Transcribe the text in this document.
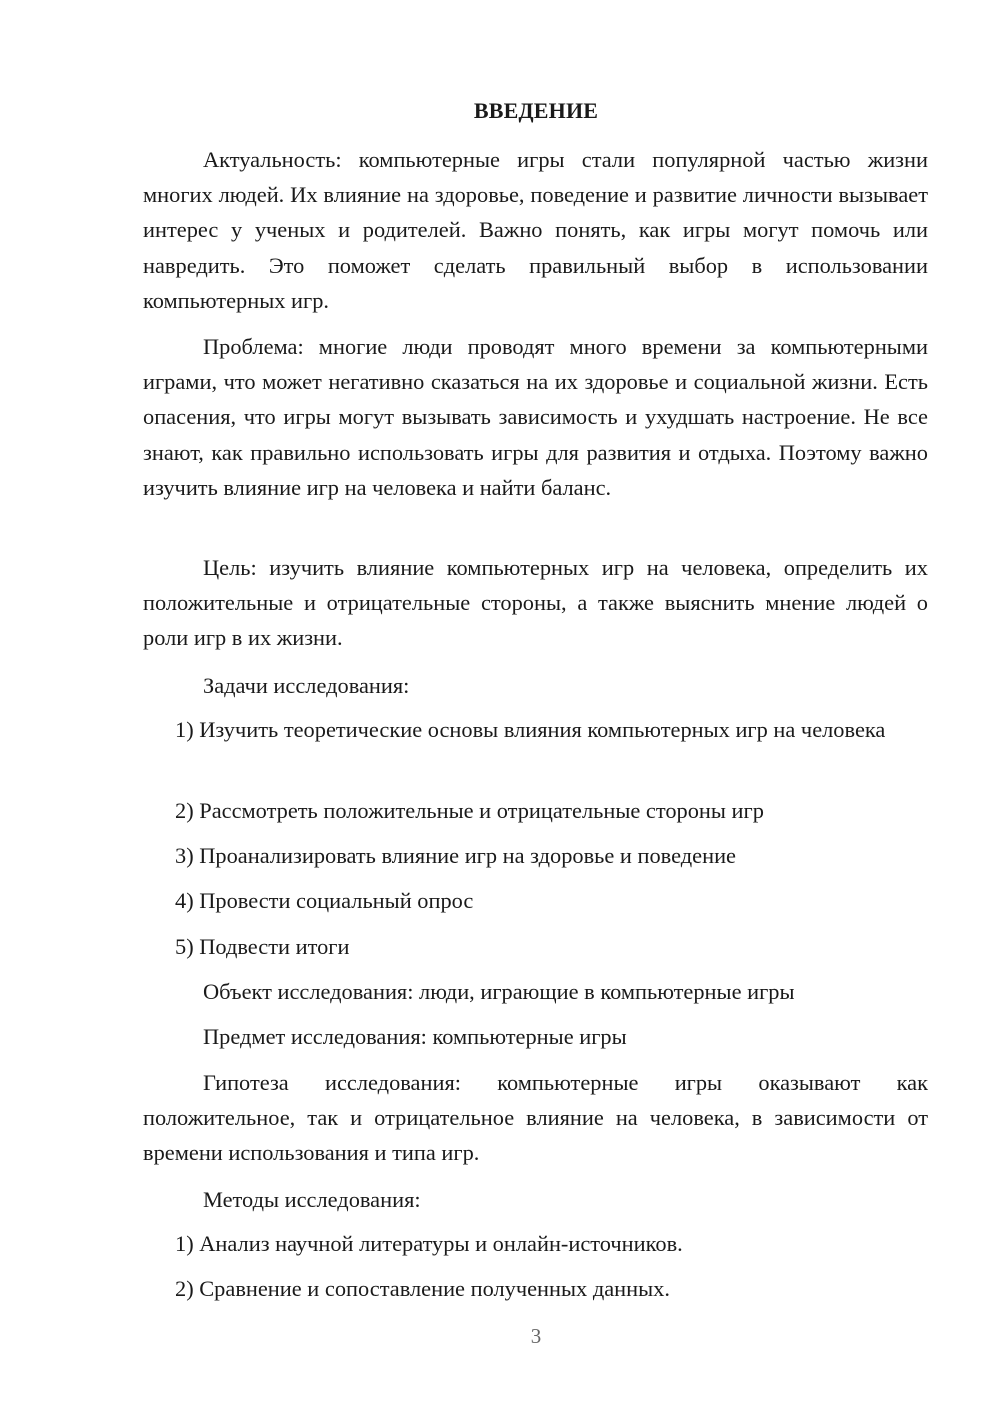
ВВЕДЕНИЕ

Актуальность: компьютерные игры стали популярной частью жизни многих людей. Их влияние на здоровье, поведение и развитие личности вызывает интерес у ученых и родителей. Важно понять, как игры могут помочь или навредить. Это поможет сделать правильный выбор в использовании компьютерных игр.

Проблема: многие люди проводят много времени за компьютерными играми, что может негативно сказаться на их здоровье и социальной жизни. Есть опасения, что игры могут вызывать зависимость и ухудшать настроение. Не все знают, как правильно использовать игры для развития и отдыха. Поэтому важно изучить влияние игр на человека и найти баланс.

Цель: изучить влияние компьютерных игр на человека, определить их положительные и отрицательные стороны, а также выяснить мнение людей о роли игр в их жизни.

Задачи исследования:

1) Изучить теоретические основы влияния компьютерных игр на человека

2) Рассмотреть положительные и отрицательные стороны игр

3) Проанализировать влияние игр на здоровье и поведение

4) Провести социальный опрос

5) Подвести итоги

Объект исследования: люди, играющие в компьютерные игры

Предмет исследования: компьютерные игры

Гипотеза исследования: компьютерные игры оказывают как положительное, так и отрицательное влияние на человека, в зависимости от времени использования и типа игр.

Методы исследования:

1) Анализ научной литературы и онлайн-источников.

2) Сравнение и сопоставление полученных данных.

3
